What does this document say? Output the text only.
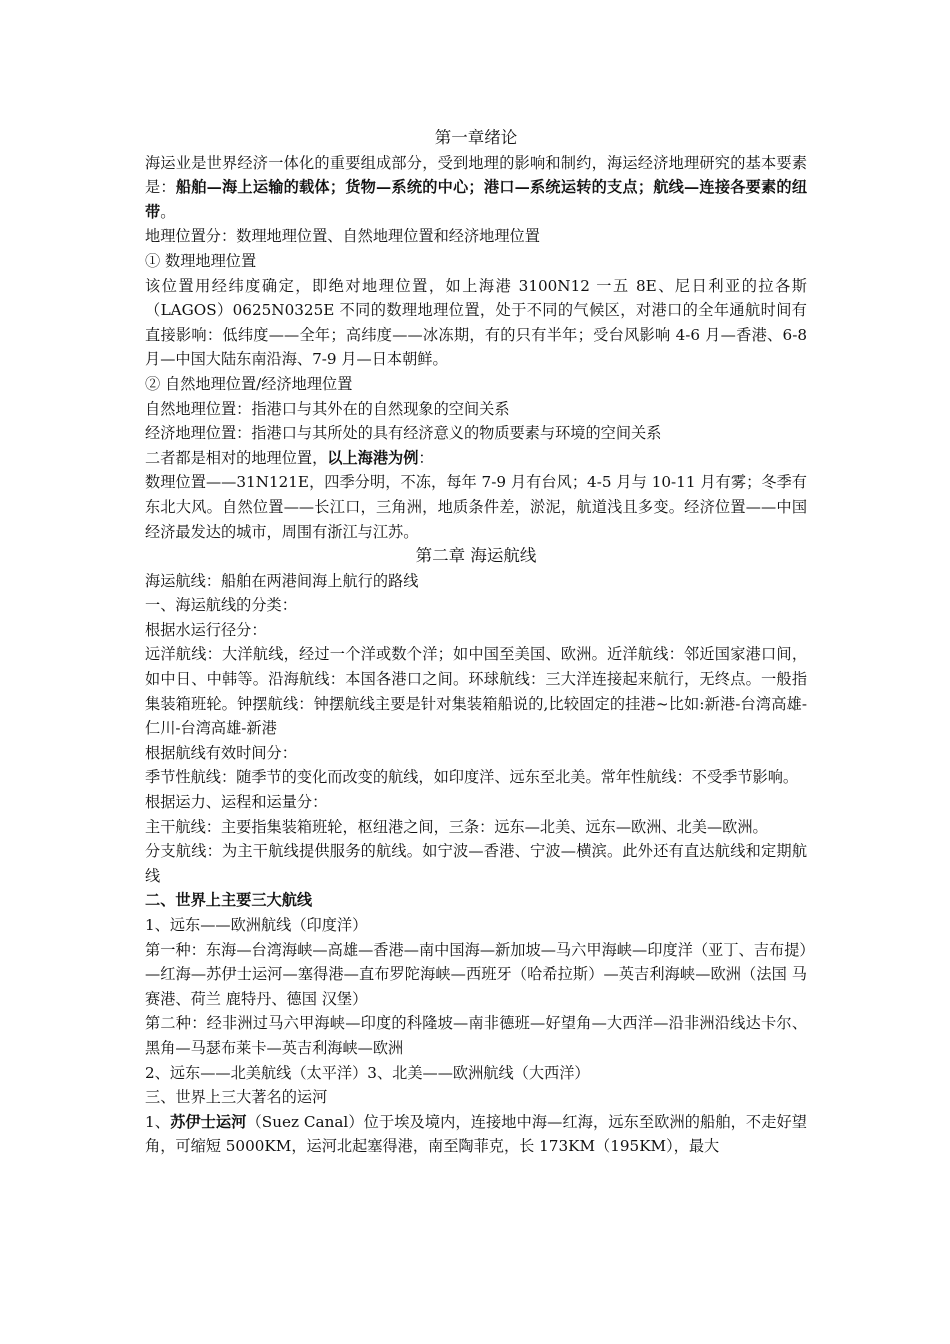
第一章绪论

海运业是世界经济一体化的重要组成部分，受到地理的影响和制约，海运经济地理研究的基本要素是：船舶—海上运输的载体；货物—系统的中心；港口—系统运转的支点；航线—连接各要素的纽带。

地理位置分：数理地理位置、自然地理位置和经济地理位置

① 数理地理位置

该位置用经纬度确定，即绝对地理位置，如上海港 3100N12 一五 8E、尼日利亚的拉各斯（LAGOS）0625N0325E 不同的数理地理位置，处于不同的气候区，对港口的全年通航时间有直接影响：低纬度——全年；高纬度——冰冻期，有的只有半年；受台风影响 4-6 月—香港、6-8 月—中国大陆东南沿海、7-9 月—日本朝鲜。

② 自然地理位置/经济地理位置

自然地理位置：指港口与其外在的自然现象的空间关系

经济地理位置：指港口与其所处的具有经济意义的物质要素与环境的空间关系

二者都是相对的地理位置，以上海港为例：

数理位置——31N121E，四季分明，不冻，每年 7-9 月有台风；4-5 月与 10-11 月有雾；冬季有东北大风。自然位置——长江口，三角洲，地质条件差，淤泥，航道浅且多变。经济位置——中国经济最发达的城市，周围有浙江与江苏。

第二章 海运航线

海运航线：船舶在两港间海上航行的路线

一、海运航线的分类：

根据水运行径分：

远洋航线：大洋航线，经过一个洋或数个洋；如中国至美国、欧洲。近洋航线：邻近国家港口间，如中日、中韩等。沿海航线：本国各港口之间。环球航线：三大洋连接起来航行，无终点。一般指集装箱班轮。钟摆航线：钟摆航线主要是针对集装箱船说的,比较固定的挂港~比如:新港-台湾高雄-仁川-台湾高雄-新港

根据航线有效时间分：

季节性航线：随季节的变化而改变的航线，如印度洋、远东至北美。常年性航线：不受季节影响。

根据运力、运程和运量分：

主干航线：主要指集装箱班轮，枢纽港之间，三条：远东—北美、远东—欧洲、北美—欧洲。

分支航线：为主干航线提供服务的航线。如宁波—香港、宁波—横滨。此外还有直达航线和定期航线

二、世界上主要三大航线

1、远东——欧洲航线（印度洋）

第一种：东海—台湾海峡—高雄—香港—南中国海—新加坡—马六甲海峡—印度洋（亚丁、吉布提）—红海—苏伊士运河—塞得港—直布罗陀海峡—西班牙（哈希拉斯）—英吉利海峡—欧洲（法国 马赛港、荷兰 鹿特丹、德国 汉堡）

第二种：经非洲过马六甲海峡—印度的科隆坡—南非德班—好望角—大西洋—沿非洲沿线达卡尔、黑角—马瑟布莱卡—英吉利海峡—欧洲

2、远东——北美航线（太平洋）3、北美——欧洲航线（大西洋）

三、世界上三大著名的运河

1、苏伊士运河（Suez Canal）位于埃及境内，连接地中海—红海，远东至欧洲的船舶，不走好望角，可缩短 5000KM，运河北起塞得港，南至陶菲克，长 173KM（195KM），最大
